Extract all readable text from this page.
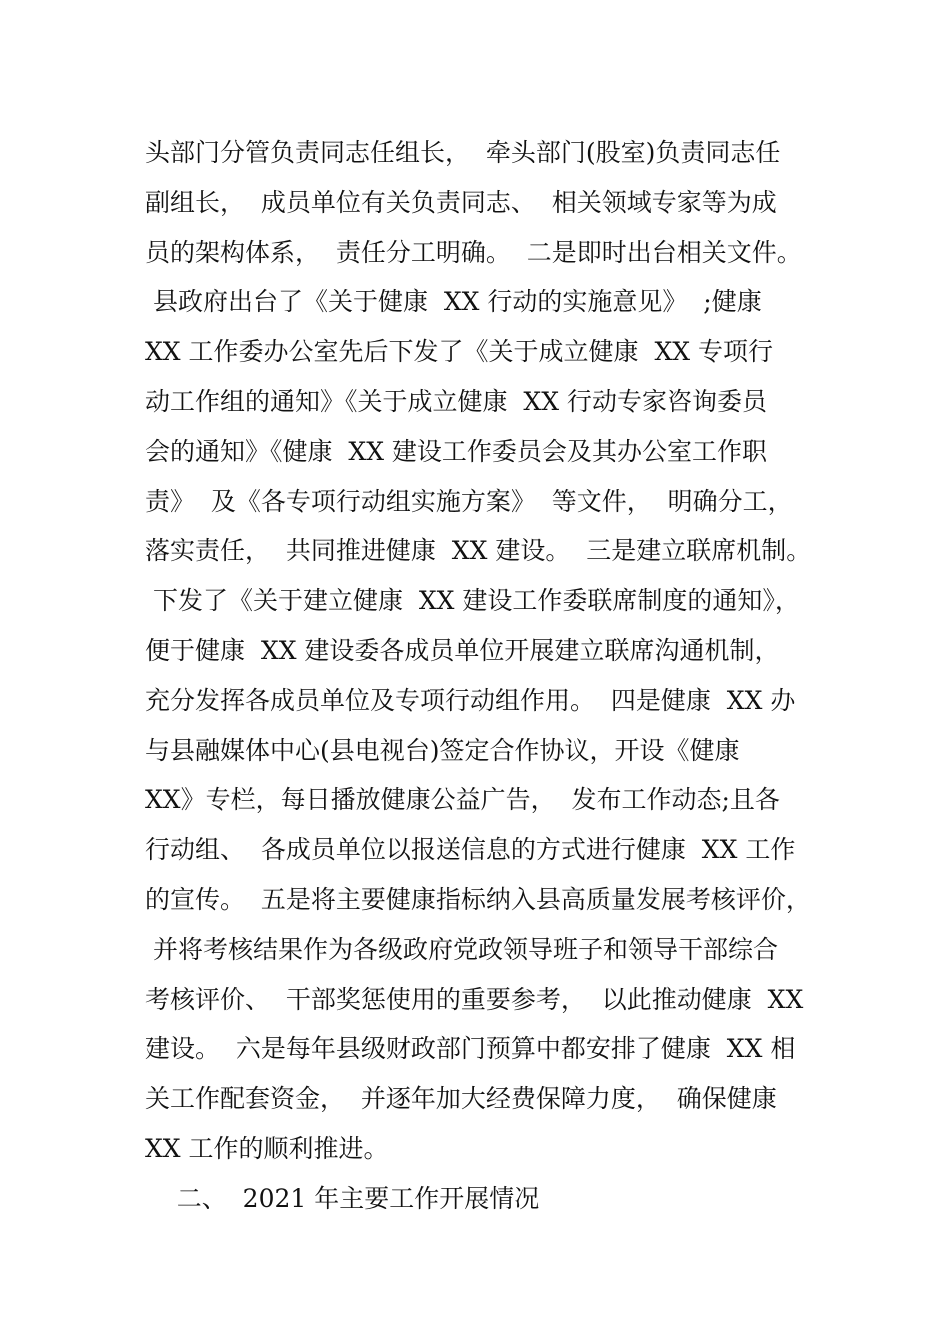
头部门分管负责同志任组长，  牵头部门(股室)负责同志任
副组长，  成员单位有关负责同志、  相关领域专家等为成
员的架构体系，  责任分工明确。  二是即时出台相关文件。
县政府出台了《关于健康  XX 行动的实施意见》  ;健康
XX 工作委办公室先后下发了《关于成立健康  XX 专项行
动工作组的通知》《关于成立健康  XX 行动专家咨询委员
会的通知》《健康  XX 建设工作委员会及其办公室工作职
责》  及《各专项行动组实施方案》  等文件，  明确分工，
落实责任，  共同推进健康  XX 建设。  三是建立联席机制。
下发了《关于建立健康  XX 建设工作委联席制度的通知》，
便于健康  XX 建设委各成员单位开展建立联席沟通机制，
充分发挥各成员单位及专项行动组作用。  四是健康  XX 办
与县融媒体中心(县电视台)签定合作协议，开设《健康
XX》专栏，每日播放健康公益广告，  发布工作动态;且各
行动组、  各成员单位以报送信息的方式进行健康  XX 工作
的宣传。  五是将主要健康指标纳入县高质量发展考核评价，
并将考核结果作为各级政府党政领导班子和领导干部综合
考核评价、  干部奖惩使用的重要参考，  以此推动健康  XX
建设。  六是每年县级财政部门预算中都安排了健康  XX 相
关工作配套资金，  并逐年加大经费保障力度，  确保健康
XX 工作的顺利推进。
二、  2021 年主要工作开展情况
